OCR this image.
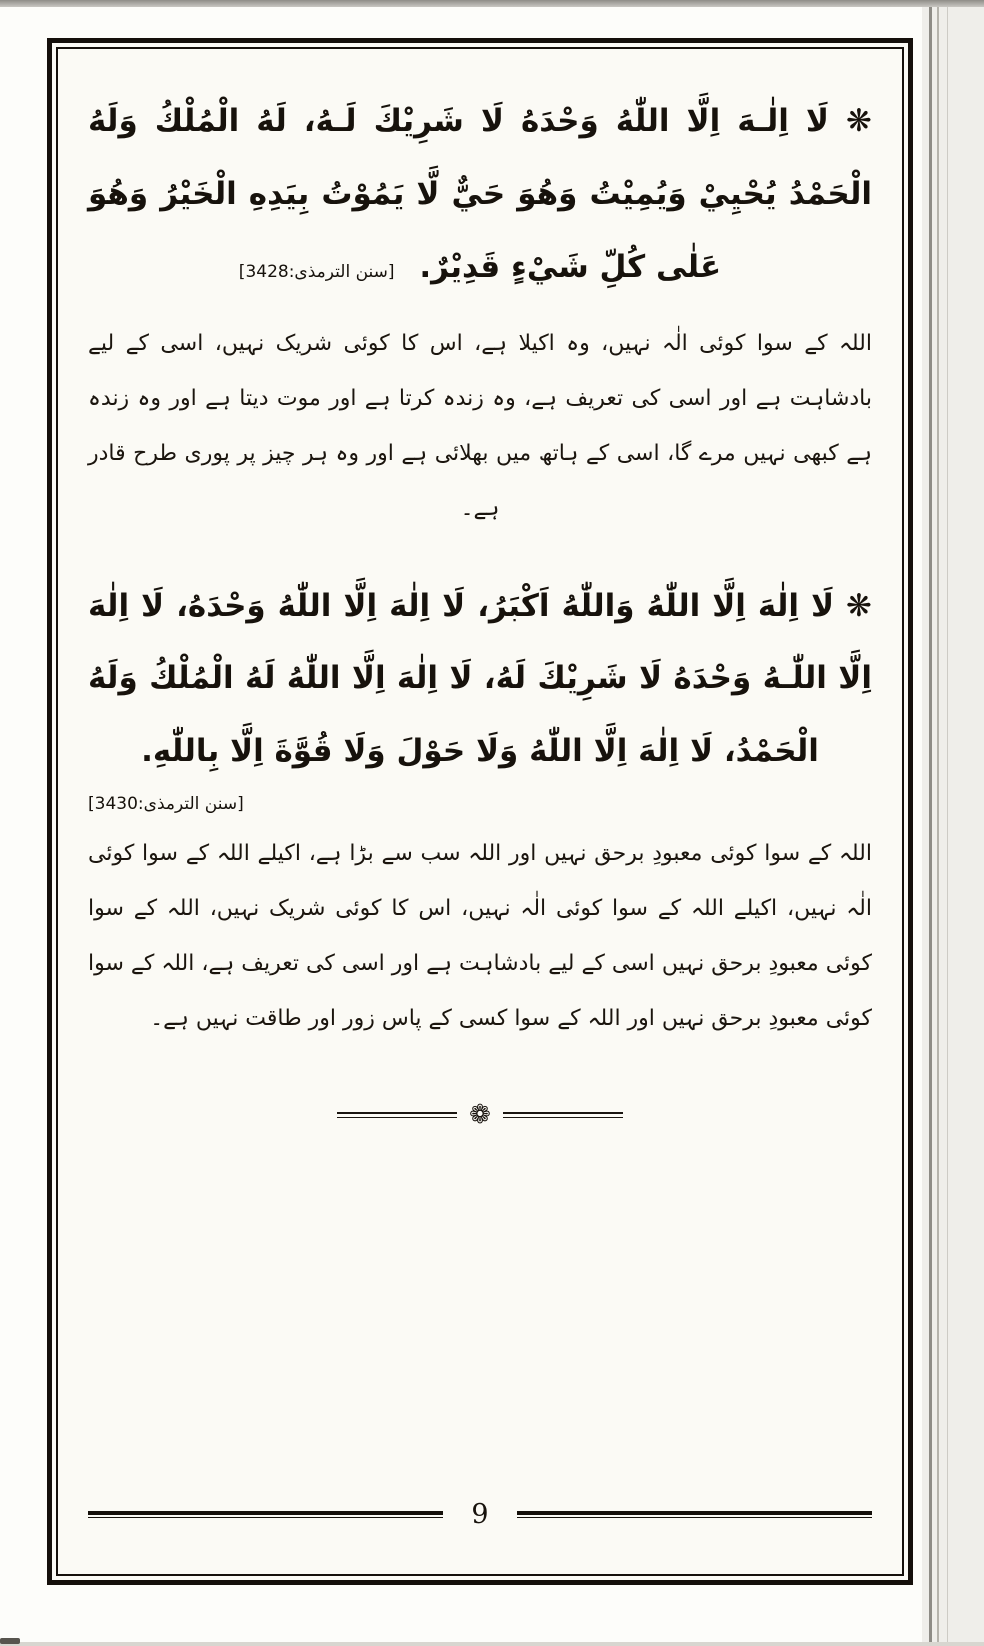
❋ لَا اِلٰـهَ اِلَّا اللّٰهُ وَحْدَهُ لَا شَرِيْكَ لَـهُ، لَهُ الْمُلْكُ وَلَهُ الْحَمْدُ يُحْيِيْ وَيُمِيْتُ وَهُوَ حَيٌّ لَّا يَمُوْتُ بِيَدِهِ الْخَيْرُ وَهُوَ عَلٰى كُلِّ شَيْءٍ قَدِيْرٌ. [سنن الترمذی:3428]

اللہ کے سوا کوئی الٰہ نہیں، وہ اکیلا ہے، اس کا کوئی شریک نہیں، اسی کے لیے بادشاہت ہے اور اسی کی تعریف ہے، وہ زندہ کرتا ہے اور موت دیتا ہے اور وہ زندہ ہے کبھی نہیں مرے گا، اسی کے ہاتھ میں بھلائی ہے اور وہ ہر چیز پر پوری طرح قادر ہے۔

❋ لَا اِلٰهَ اِلَّا اللّٰهُ وَاللّٰهُ اَكْبَرُ، لَا اِلٰهَ اِلَّا اللّٰهُ وَحْدَهُ، لَا اِلٰهَ اِلَّا اللّٰـهُ وَحْدَهُ لَا شَرِيْكَ لَهُ، لَا اِلٰهَ اِلَّا اللّٰهُ لَهُ الْمُلْكُ وَلَهُ الْحَمْدُ، لَا اِلٰهَ اِلَّا اللّٰهُ وَلَا حَوْلَ وَلَا قُوَّةَ اِلَّا بِاللّٰهِ.

[سنن الترمذی:3430]

اللہ کے سوا کوئی معبودِ برحق نہیں اور اللہ سب سے بڑا ہے، اکیلے اللہ کے سوا کوئی الٰہ نہیں، اکیلے اللہ کے سوا کوئی الٰہ نہیں، اس کا کوئی شریک نہیں، اللہ کے سوا کوئی معبودِ برحق نہیں اسی کے لیے بادشاہت ہے اور اسی کی تعریف ہے، اللہ کے سوا کوئی معبودِ برحق نہیں اور اللہ کے سوا کسی کے پاس زور اور طاقت نہیں ہے۔

❁
9
